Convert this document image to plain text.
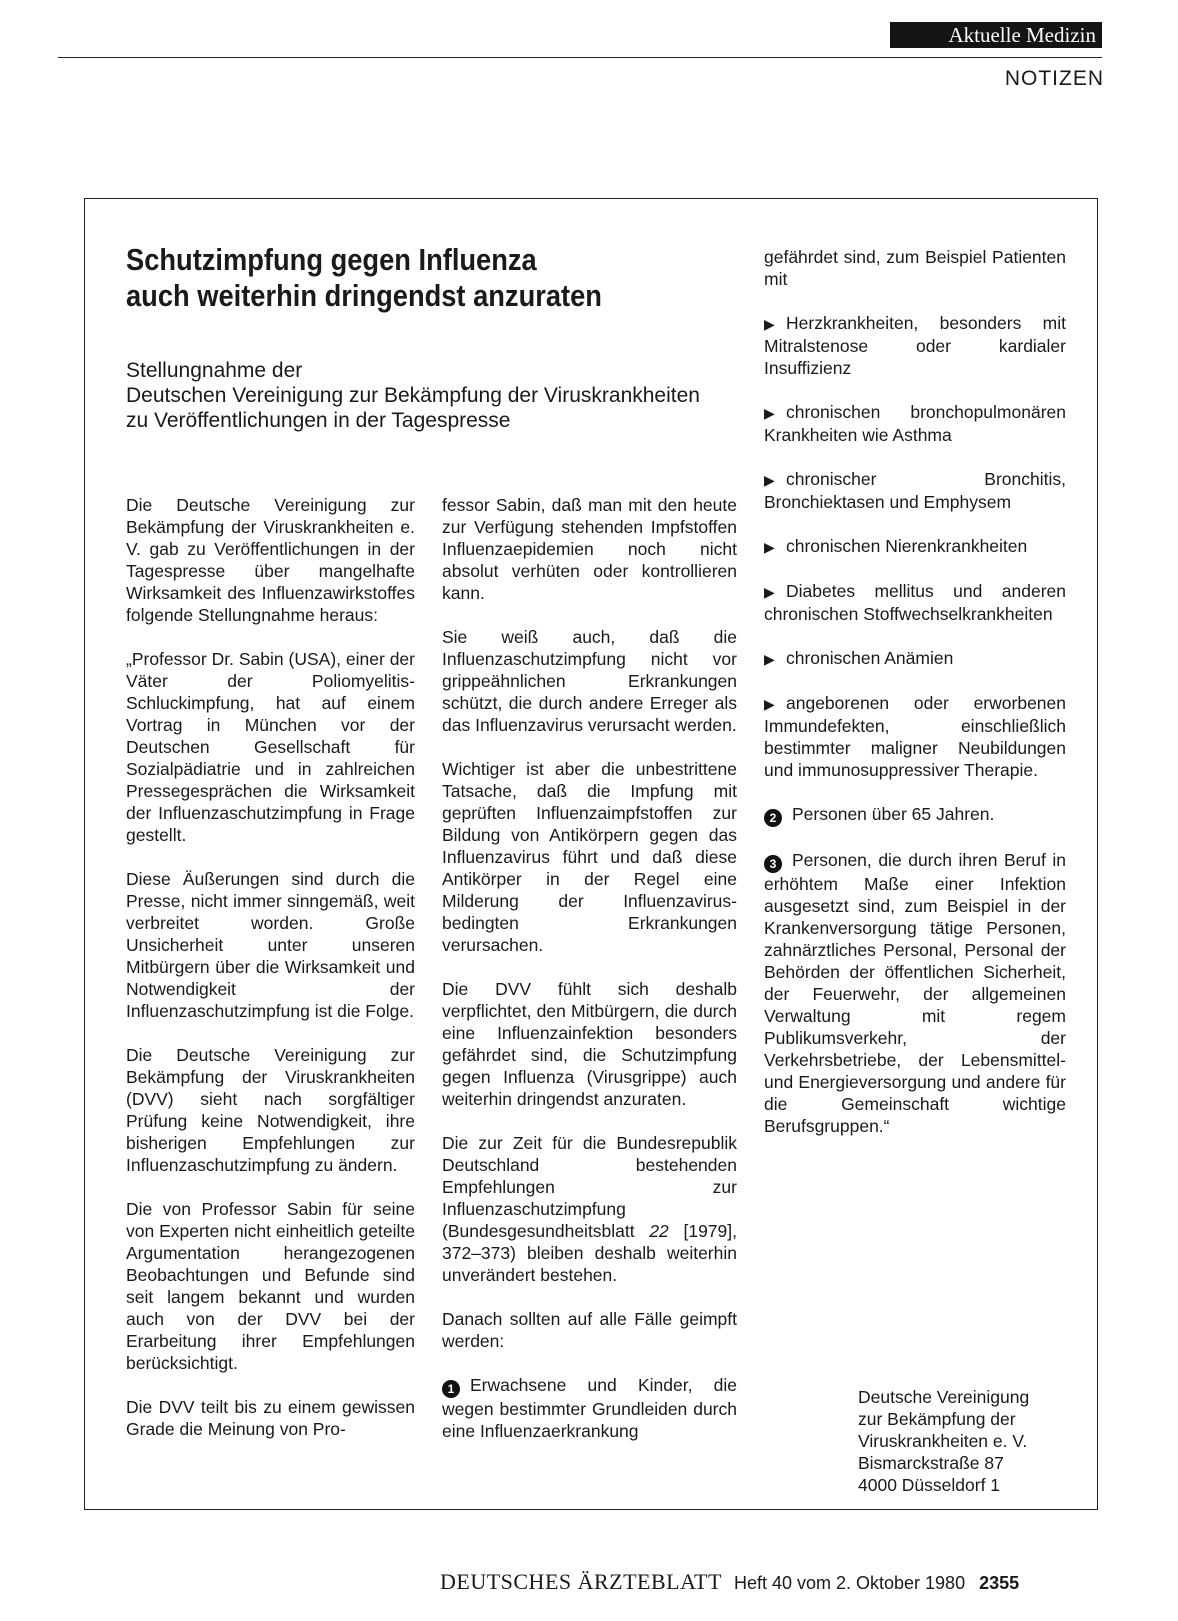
Aktuelle Medizin
NOTIZEN
Schutzimpfung gegen Influenza
auch weiterhin dringendst anzuraten
Stellungnahme der
Deutschen Vereinigung zur Bekämpfung der Viruskrankheiten
zu Veröffentlichungen in der Tagespresse

Die Deutsche Vereinigung zur Bekämpfung der Viruskrankheiten e. V. gab zu Veröffentlichungen in der Tagespresse über mangelhafte Wirksamkeit des Influenzawirkstoffes folgende Stellungnahme heraus:

„Professor Dr. Sabin (USA), einer der Väter der Poliomyelitis-Schluckimpfung, hat auf einem Vortrag in München vor der Deutschen Gesellschaft für Sozialpädiatrie und in zahlreichen Pressegesprächen die Wirksamkeit der Influenzaschutzimpfung in Frage gestellt.

Diese Äußerungen sind durch die Presse, nicht immer sinngemäß, weit verbreitet worden. Große Unsicherheit unter unseren Mitbürgern über die Wirksamkeit und Notwendigkeit der Influenzaschutzimpfung ist die Folge.

Die Deutsche Vereinigung zur Bekämpfung der Viruskrankheiten (DVV) sieht nach sorgfältiger Prüfung keine Notwendigkeit, ihre bisherigen Empfehlungen zur Influenzaschutzimpfung zu ändern.

Die von Professor Sabin für seine von Experten nicht einheitlich geteilte Argumentation herangezogenen Beobachtungen und Befunde sind seit langem bekannt und wurden auch von der DVV bei der Erarbeitung ihrer Empfehlungen berücksichtigt.

Die DVV teilt bis zu einem gewissen Grade die Meinung von Pro-

fessor Sabin, daß man mit den heute zur Verfügung stehenden Impfstoffen Influenzaepidemien noch nicht absolut verhüten oder kontrollieren kann.

Sie weiß auch, daß die Influenzaschutzimpfung nicht vor grippeähnlichen Erkrankungen schützt, die durch andere Erreger als das Influenzavirus verursacht werden.

Wichtiger ist aber die unbestrittene Tatsache, daß die Impfung mit geprüften Influenzaimpfstoffen zur Bildung von Antikörpern gegen das Influenzavirus führt und daß diese Antikörper in der Regel eine Milderung der Influenzavirus-bedingten Erkrankungen verursachen.

Die DVV fühlt sich deshalb verpflichtet, den Mitbürgern, die durch eine Influenzainfektion besonders gefährdet sind, die Schutzimpfung gegen Influenza (Virusgrippe) auch weiterhin dringendst anzuraten.

Die zur Zeit für die Bundesrepublik Deutschland bestehenden Empfehlungen zur Influenzaschutzimpfung (Bundesgesundheitsblatt 22 [1979], 372–373) bleiben deshalb weiterhin unverändert bestehen.

Danach sollten auf alle Fälle geimpft werden:

1 Erwachsene und Kinder, die wegen bestimmter Grundleiden durch eine Influenzaerkrankung

gefährdet sind, zum Beispiel Patienten mit

▶ Herzkrankheiten, besonders mit Mitralstenose oder kardialer Insuffizienz

▶ chronischen bronchopulmonären Krankheiten wie Asthma

▶ chronischer Bronchitis, Bronchiektasen und Emphysem

▶ chronischen Nierenkrankheiten

▶ Diabetes mellitus und anderen chronischen Stoffwechselkrankheiten

▶ chronischen Anämien

▶ angeborenen oder erworbenen Immundefekten, einschließlich bestimmter maligner Neubildungen und immunosuppressiver Therapie.

2 Personen über 65 Jahren.

3 Personen, die durch ihren Beruf in erhöhtem Maße einer Infektion ausgesetzt sind, zum Beispiel in der Krankenversorgung tätige Personen, zahnärztliches Personal, Personal der Behörden der öffentlichen Sicherheit, der Feuerwehr, der allgemeinen Verwaltung mit regem Publikumsverkehr, der Verkehrsbetriebe, der Lebensmittel- und Energieversorgung und andere für die Gemeinschaft wichtige Berufsgruppen.“

Deutsche Vereinigung
zur Bekämpfung der
Viruskrankheiten e. V.
Bismarckstraße 87
4000 Düsseldorf 1
DEUTSCHES ÄRZTEBLATT Heft 40 vom 2. Oktober 1980 2355
